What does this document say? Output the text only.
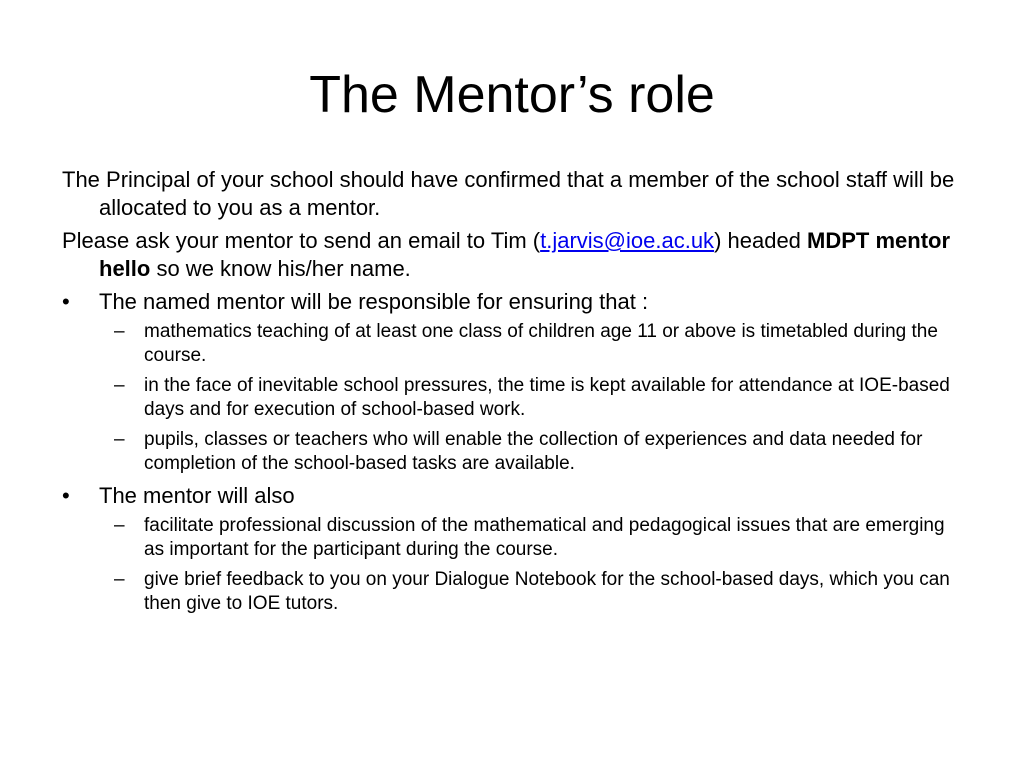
The Mentor’s role

The Principal of your school should have confirmed that a member of the school staff will be allocated to you as a mentor.

Please ask your mentor to send an email to Tim (t.jarvis@ioe.ac.uk) headed MDPT mentor hello so we know his/her name.

• The named mentor will be responsible for ensuring that :
– mathematics teaching of at least one class of children age 11 or above is timetabled during the course.
– in the face of inevitable school pressures, the time is kept available for attendance at IOE-based days and for execution of school-based work.
– pupils, classes or teachers who will enable the collection of experiences and data needed for completion of the school-based tasks are available.
• The mentor will also
– facilitate professional discussion of the mathematical and pedagogical issues that are emerging as important for the participant during the course.
– give brief feedback to you on your Dialogue Notebook for the school-based days, which you can then give to IOE tutors.
